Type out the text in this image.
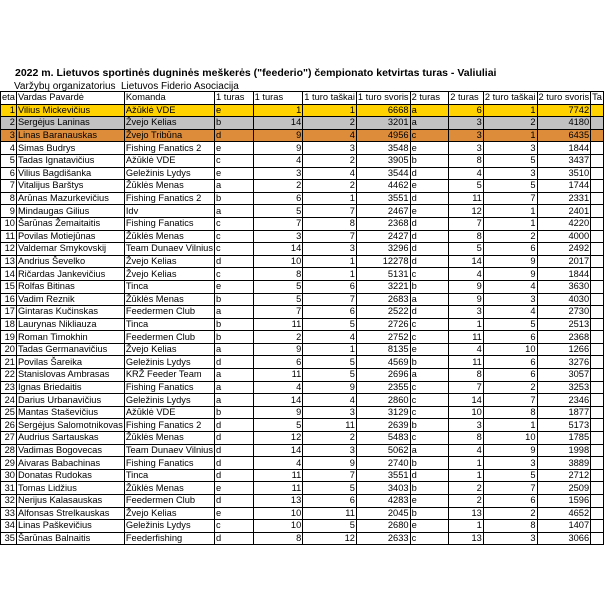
2022 m. Lietuvos sportinės dugninės meškerės ("feederio") čempionato ketvirtas turas - Valiuliai
Varžybų organizatorius Lietuvos Fiderio Asociacija
eta	Vardas Pavardė	Komanda	1 turas	1 turas	1 turo taškai	1 turo svoris	2 turas	2 turas	2 turo taškai	2 turo svoris	Ta
1	Vilius Mickevičius	Ažūklė VDE	e	1	1	6668	a	6	1	7742	
2	Sergėjus Laninas	Žvejo Kelias	b	14	2	3201	a	3	2	4180	
3	Linas Baranauskas	Žvejo Tribūna	d	9	4	4956	c	3	1	6435	
4	Simas Budrys	Fishing Fanatics 2	e	9	3	3548	e	3	3	1844	
5	Tadas Ignatavičius	Ažūklė VDE	c	4	2	3905	b	8	5	3437	
6	Vilius Bagdišanka	Geležinis Lydys	e	3	4	3544	d	4	3	3510	
7	Vitalijus Barštys	Žūklės Menas	a	2	2	4462	e	5	5	1744	
8	Arūnas Mazurkevičius	Fishing Fanatics 2	b	6	1	3551	d	11	7	2331	
9	Mindaugas Gilius	Idv	a	5	7	2467	e	12	1	2401	
10	Šarūnas Žemaitaitis	Fishing Fanatics	c	7	8	2368	d	7	1	4220	
11	Povilas Motiejūnas	Žūklės Menas	c	3	7	2427	d	8	2	4000	
12	Valdemar Smykovskij	Team Dunaev Vilnius	c	14	3	3296	d	5	6	2492	
13	Andrius Ševelko	Žvejo Kelias	d	10	1	12278	d	14	9	2017	
14	Ričardas Jankevičius	Žvejo Kelias	c	8	1	5131	c	4	9	1844	
15	Rolfas Bitinas	Tinca	e	5	6	3221	b	9	4	3630	
16	Vadim Reznik	Žūklės Menas	b	5	7	2683	a	9	3	4030	
17	Gintaras Kučinskas	Feedermen Club	a	7	6	2522	d	3	4	2730	
18	Laurynas Nikliauza	Tinca	b	11	5	2726	c	1	5	2513	
19	Roman Timokhin	Feedermen Club	b	2	4	2752	c	11	6	2368	
20	Tadas Germanavičius	Žvejo Kelias	a	9	1	8135	e	4	10	1266	
21	Povilas Šareika	Geležinis Lydys	d	6	5	4569	b	11	6	3276	
22	Stanislovas Ambrasas	KRŽ Feeder Team	a	11	5	2696	a	8	6	3057	
23	Ignas Briedaitis	Fishing Fanatics	a	4	9	2355	c	7	2	3253	
24	Darius Urbanavičius	Geležinis Lydys	a	14	4	2860	c	14	7	2346	
25	Mantas Staševičius	Ažūklė VDE	b	9	3	3129	c	10	8	1877	
26	Sergėjus Salomotnikovas	Fishing Fanatics 2	d	5	11	2639	b	3	1	5173	
27	Audrius Sartauskas	Žūklės Menas	d	12	2	5483	c	8	10	1785	
28	Vadimas Bogovecas	Team Dunaev Vilnius	d	14	3	5062	a	4	9	1998	
29	Aivaras Babachinas	Fishing Fanatics	d	4	9	2740	b	1	3	3889	
30	Donatas Rudokas	Tinca	d	11	7	3551	d	1	5	2712	
31	Tomas Lidžius	Žūklės Menas	e	11	5	3403	b	2	7	2509	
32	Nerijus Kalasauskas	Feedermen Club	d	13	6	4283	e	2	6	1596	
33	Alfonsas Strelkauskas	Žvejo Kelias	e	10	11	2045	b	13	2	4652	
34	Linas Paškevičius	Geležinis Lydys	c	10	5	2680	e	1	8	1407	
35	Šarūnas Balnaitis	Feederfishing	d	8	12	2633	c	13	3	3066	
